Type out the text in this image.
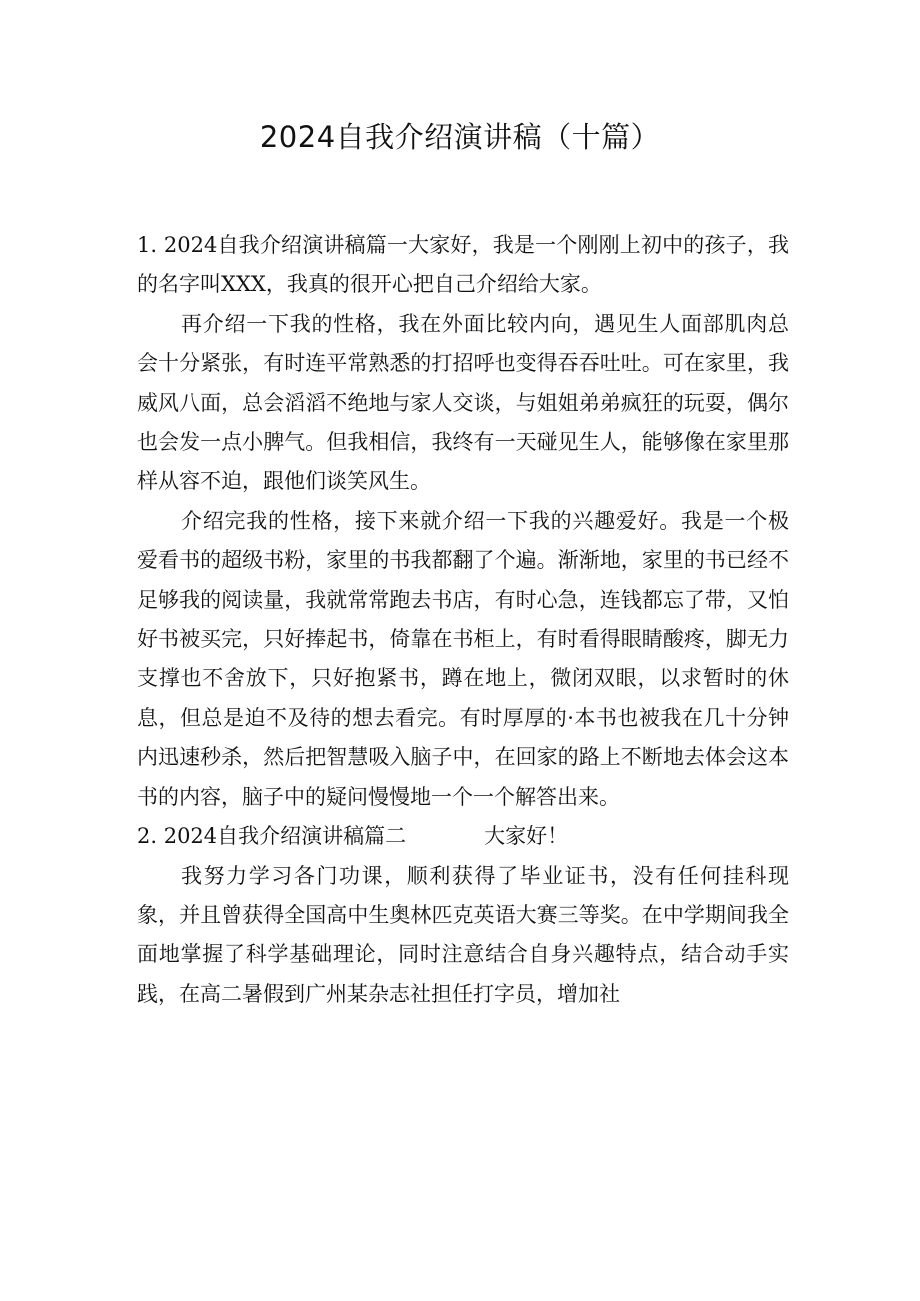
2024自我介绍演讲稿（十篇）

1. 2024自我介绍演讲稿篇一大家好，我是一个刚刚上初中的孩子，我的名字叫XXX，我真的很开心把自己介绍给大家。

再介绍一下我的性格，我在外面比较内向，遇见生人面部肌肉总会十分紧张，有时连平常熟悉的打招呼也变得吞吞吐吐。可在家里，我威风八面，总会滔滔不绝地与家人交谈，与姐姐弟弟疯狂的玩耍，偶尔也会发一点小脾气。但我相信，我终有一天碰见生人，能够像在家里那样从容不迫，跟他们谈笑风生。

介绍完我的性格，接下来就介绍一下我的兴趣爱好。我是一个极爱看书的超级书粉，家里的书我都翻了个遍。渐渐地，家里的书已经不足够我的阅读量，我就常常跑去书店，有时心急，连钱都忘了带，又怕好书被买完，只好捧起书，倚靠在书柜上，有时看得眼睛酸疼，脚无力支撑也不舍放下，只好抱紧书，蹲在地上，微闭双眼，以求暂时的休息，但总是迫不及待的想去看完。有时厚厚的·本书也被我在几十分钟内迅速秒杀，然后把智慧吸入脑子中，在回家的路上不断地去体会这本书的内容，脑子中的疑问慢慢地一个一个解答出来。

2. 2024自我介绍演讲稿篇二	大家好！

我努力学习各门功课，顺利获得了毕业证书，没有任何挂科现象，并且曾获得全国高中生奥林匹克英语大赛三等奖。在中学期间我全面地掌握了科学基础理论，同时注意结合自身兴趣特点，结合动手实践，在高二暑假到广州某杂志社担任打字员，增加社
